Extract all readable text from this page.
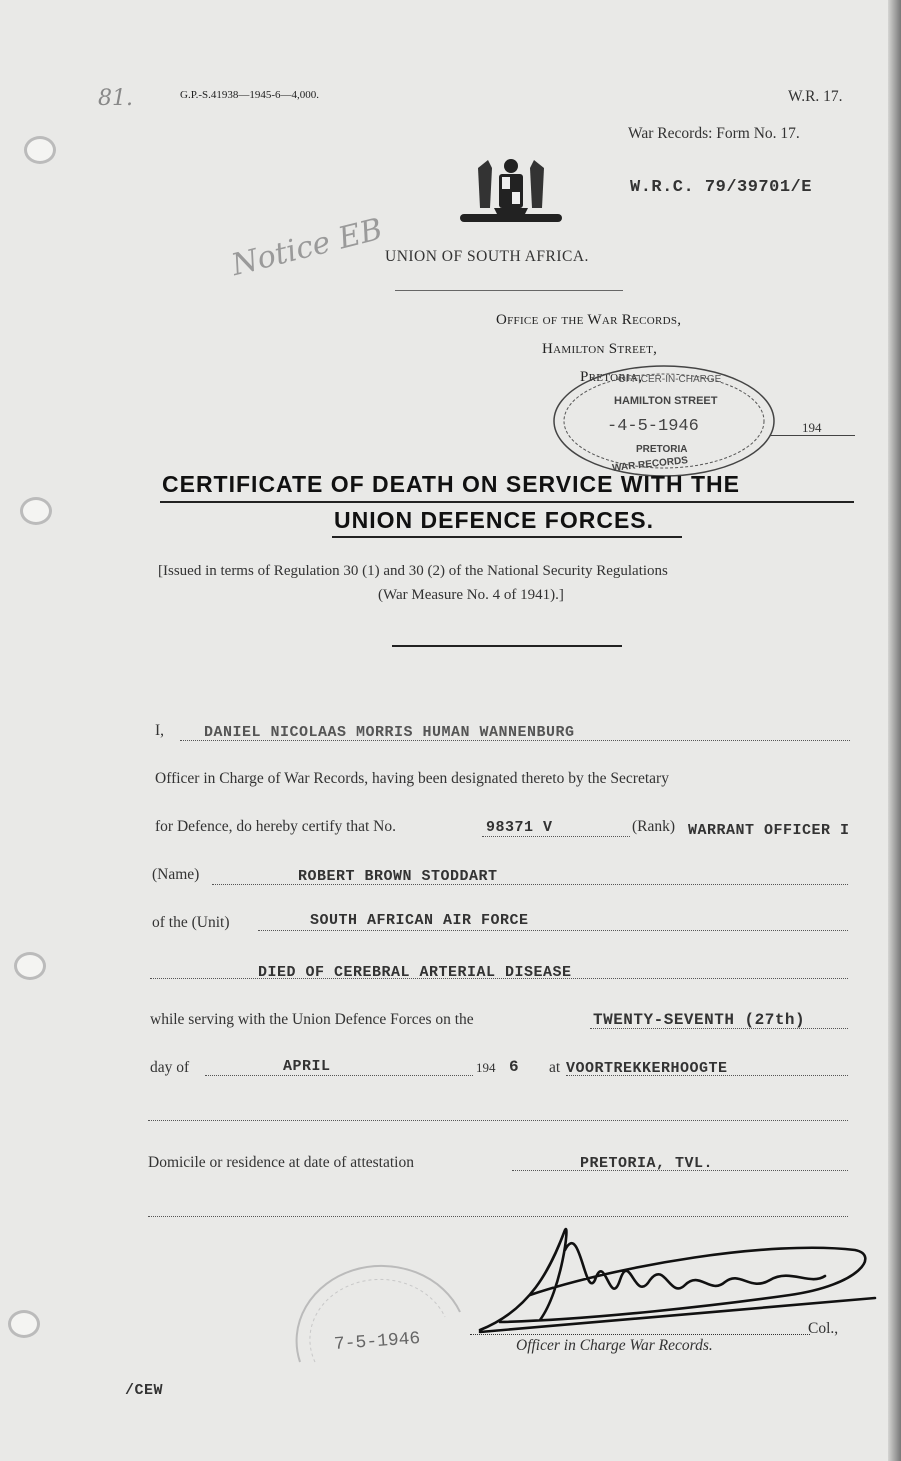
81.	G.P.-S.41938—1945-6—4,000.	W.R. 17.
War Records: Form No. 17.
W.R.C. 79/39701/E
Notice EB UNION OF SOUTH AFRICA.
Office of the War Records,
Hamilton Street,
Pretoria,
194
OFFICER-IN-CHARGE
HAMILTON STREET
-4-5-1946
PRETORIA
WAR RECORDS
CERTIFICATE OF DEATH ON SERVICE WITH THE
UNION DEFENCE FORCES.
[Issued in terms of Regulation 30 (1) and 30 (2) of the National Security Regulations
(War Measure No. 4 of 1941).]
I,	DANIEL NICOLAAS MORRIS HUMAN WANNENBURG
Officer in Charge of War Records, having been designated thereto by the Secretary
for Defence, do hereby certify that No.	98371 V	(Rank) WARRANT OFFICER I
(Name)	ROBERT BROWN STODDART
of the (Unit)	SOUTH AFRICAN AIR FORCE
DIED OF CEREBRAL ARTERIAL DISEASE
while serving with the Union Defence Forces on the	TWENTY-SEVENTH (27th)
day of	APRIL	194 6 at VOORTREKKERHOOGTE
Domicile or residence at date of attestation	PRETORIA, TVL.
7-5-1946
Col.,
Officer in Charge War Records.
/CEW
